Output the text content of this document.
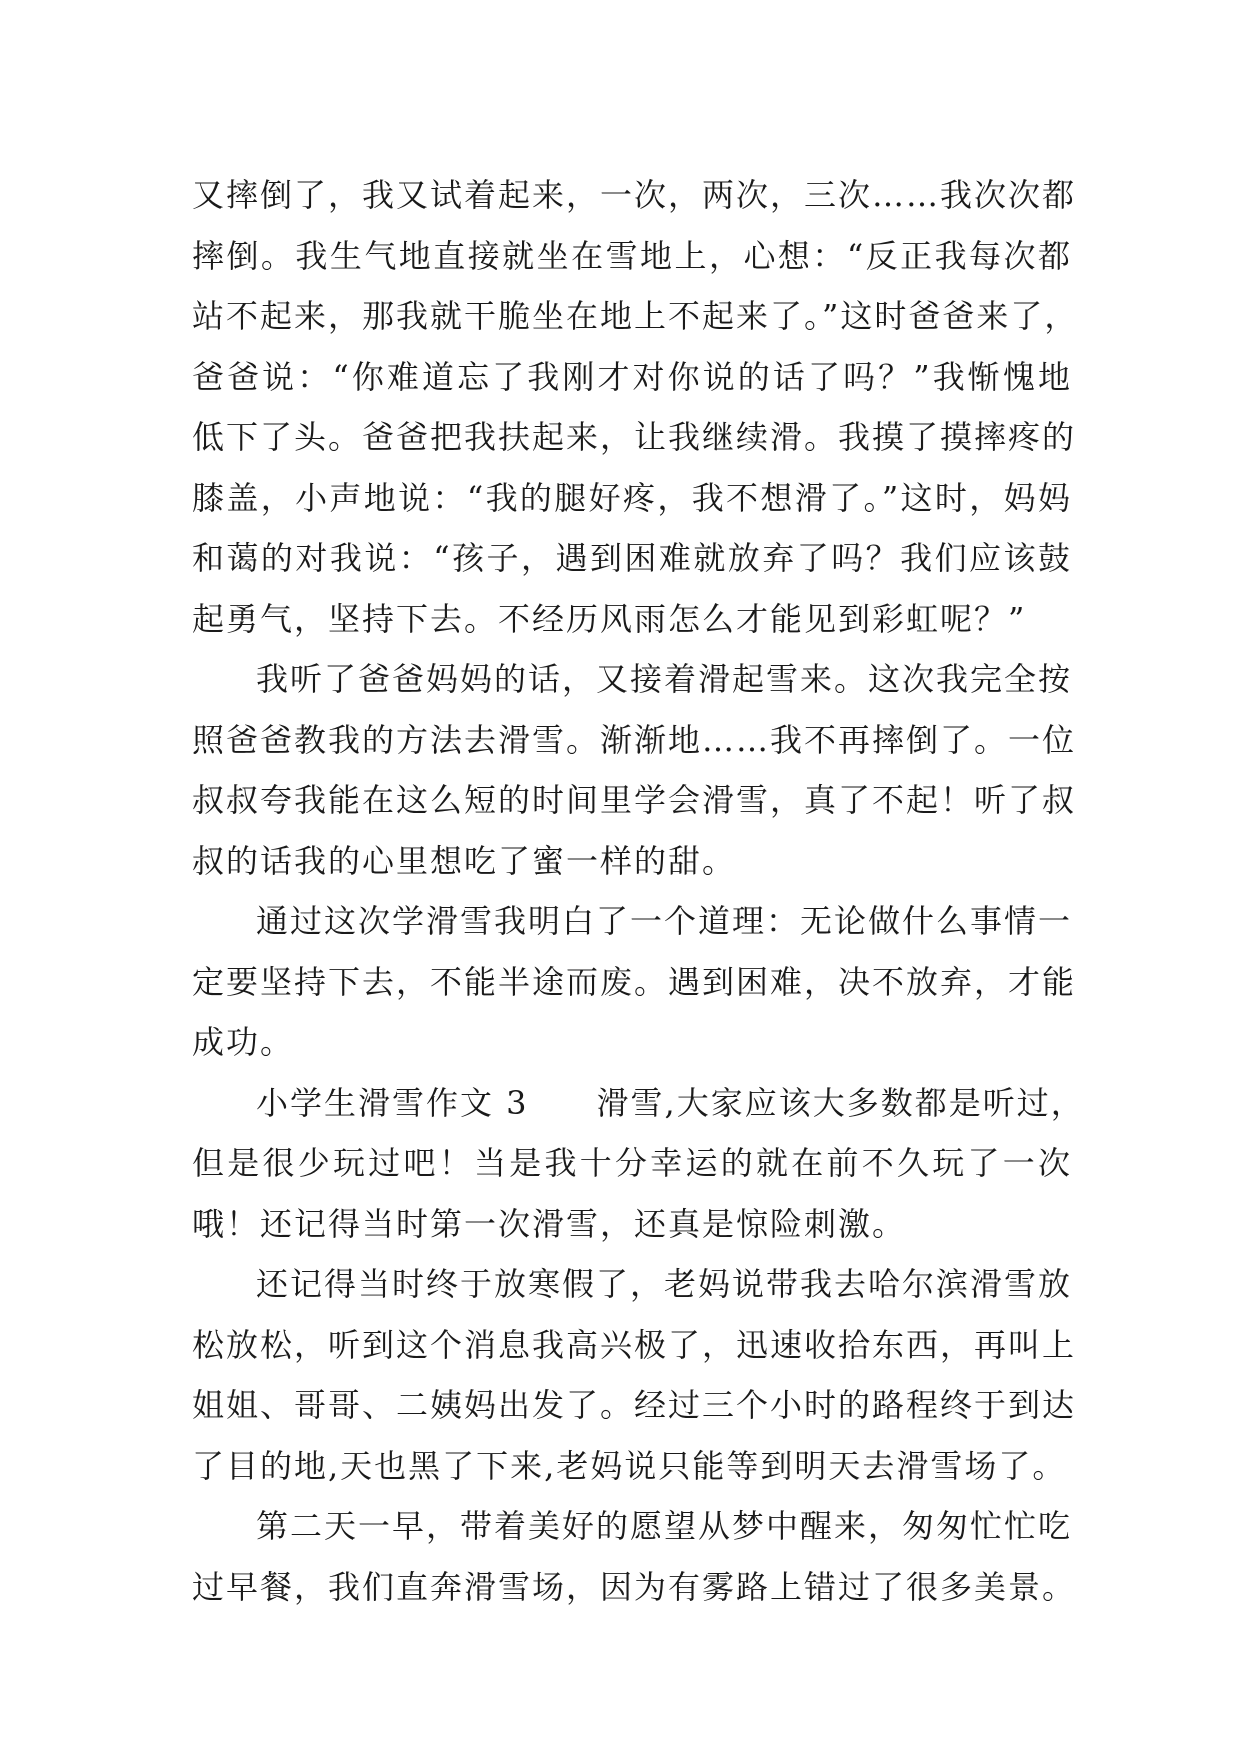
又摔倒了，我又试着起来，一次，两次，三次……我次次都
摔倒。我生气地直接就坐在雪地上，心想：“反正我每次都
站不起来，那我就干脆坐在地上不起来了。”这时爸爸来了，
爸爸说：“你难道忘了我刚才对你说的话了吗？”我惭愧地
低下了头。爸爸把我扶起来，让我继续滑。我摸了摸摔疼的
膝盖，小声地说：“我的腿好疼，我不想滑了。”这时，妈妈
和蔼的对我说：“孩子，遇到困难就放弃了吗？我们应该鼓
起勇气，坚持下去。不经历风雨怎么才能见到彩虹呢？”
我听了爸爸妈妈的话，又接着滑起雪来。这次我完全按
照爸爸教我的方法去滑雪。渐渐地……我不再摔倒了。一位
叔叔夸我能在这么短的时间里学会滑雪，真了不起！听了叔
叔的话我的心里想吃了蜜一样的甜。
通过这次学滑雪我明白了一个道理：无论做什么事情一
定要坚持下去，不能半途而废。遇到困难，决不放弃，才能
成功。
小学生滑雪作文 3　　滑雪,大家应该大多数都是听过，
但是很少玩过吧！当是我十分幸运的就在前不久玩了一次
哦！还记得当时第一次滑雪，还真是惊险刺激。
还记得当时终于放寒假了，老妈说带我去哈尔滨滑雪放
松放松，听到这个消息我高兴极了，迅速收拾东西，再叫上
姐姐、哥哥、二姨妈出发了。经过三个小时的路程终于到达
了目的地,天也黑了下来,老妈说只能等到明天去滑雪场了。
第二天一早，带着美好的愿望从梦中醒来，匆匆忙忙吃
过早餐，我们直奔滑雪场，因为有雾路上错过了很多美景。
